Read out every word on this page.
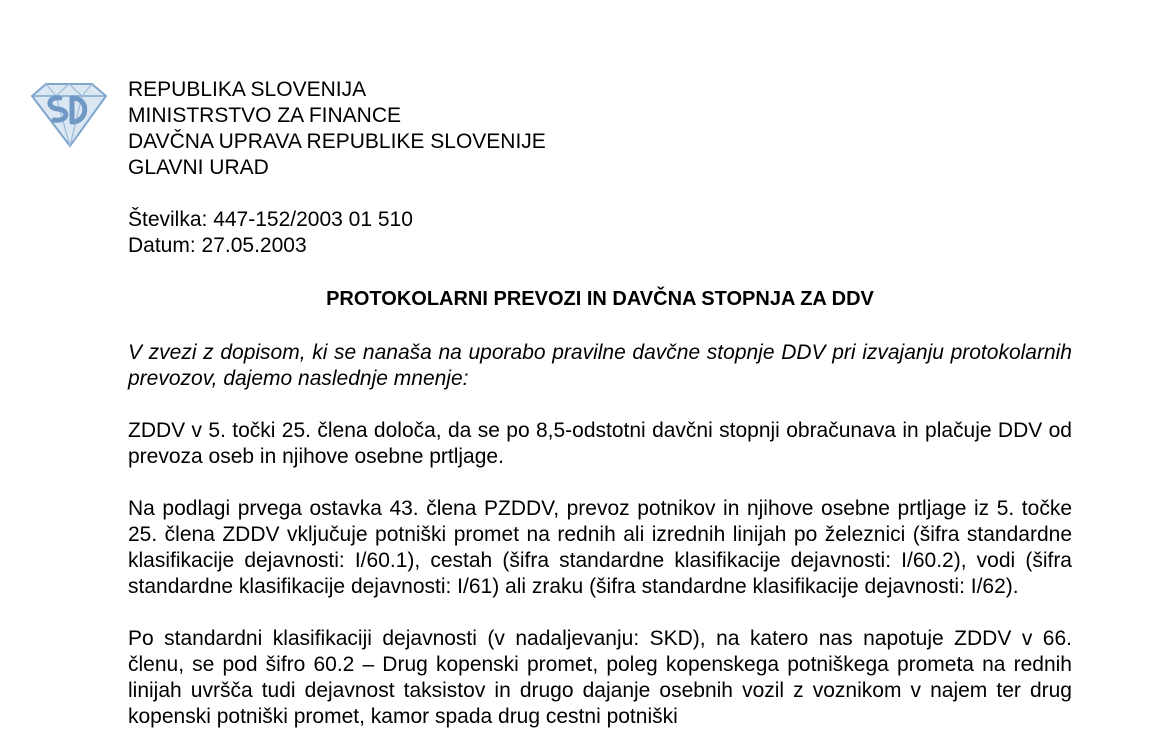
REPUBLIKA SLOVENIJA
MINISTRSTVO ZA FINANCE
DAVČNA UPRAVA REPUBLIKE SLOVENIJE
GLAVNI URAD
Številka: 447-152/2003 01 510
Datum: 27.05.2003
PROTOKOLARNI PREVOZI IN DAVČNA STOPNJA ZA DDV

V zvezi z dopisom, ki se nanaša na uporabo pravilne davčne stopnje DDV pri izvajanju protokolarnih prevozov, dajemo naslednje mnenje:

ZDDV v 5. točki 25. člena določa, da se po 8,5-odstotni davčni stopnji obračunava in plačuje DDV od prevoza oseb in njihove osebne prtljage.

Na podlagi prvega ostavka 43. člena PZDDV, prevoz potnikov in njihove osebne prtljage iz 5. točke 25. člena ZDDV vključuje potniški promet na rednih ali izrednih linijah po železnici (šifra standardne klasifikacije dejavnosti: I/60.1), cestah (šifra standardne klasifikacije dejavnosti: I/60.2), vodi (šifra standardne klasifikacije dejavnosti: I/61) ali zraku (šifra standardne klasifikacije dejavnosti: I/62).

Po standardni klasifikaciji dejavnosti (v nadaljevanju: SKD), na katero nas napotuje ZDDV v 66. členu, se pod šifro 60.2 – Drug kopenski promet, poleg kopenskega potniškega prometa na rednih linijah uvršča tudi dejavnost taksistov in drugo dajanje osebnih vozil z voznikom v najem ter drug kopenski potniški promet, kamor spada drug cestni potniški
